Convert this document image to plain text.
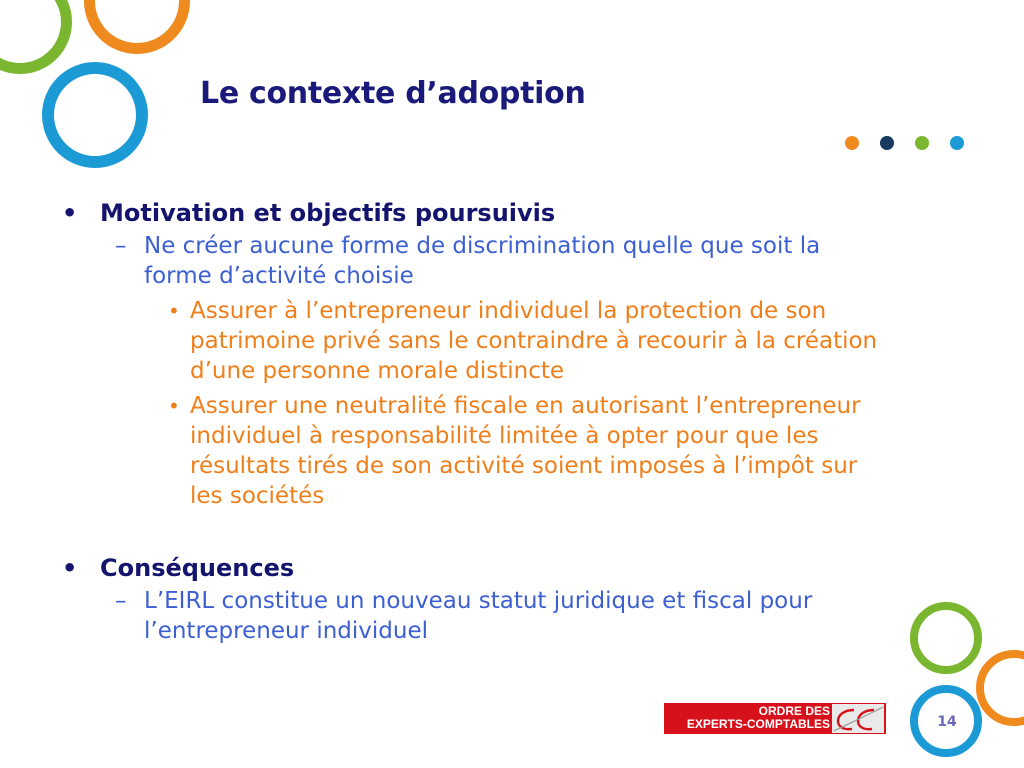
Le contexte d’adoption
• Motivation et objectifs poursuivis
– Ne créer aucune forme de discrimination quelle que soit la forme d’activité choisie
• Assurer à l’entrepreneur individuel la protection de son patrimoine privé sans le contraindre à recourir à la création d’une personne morale distincte
• Assurer une neutralité fiscale en autorisant l’entrepreneur individuel à responsabilité limitée à opter pour que les résultats tirés de son activité soient imposés à l’impôt sur les sociétés
• Conséquences
– L’EIRL constitue un nouveau statut juridique et fiscal pour l’entrepreneur individuel
ORDRE DES
EXPERTS-COMPTABLES	14
